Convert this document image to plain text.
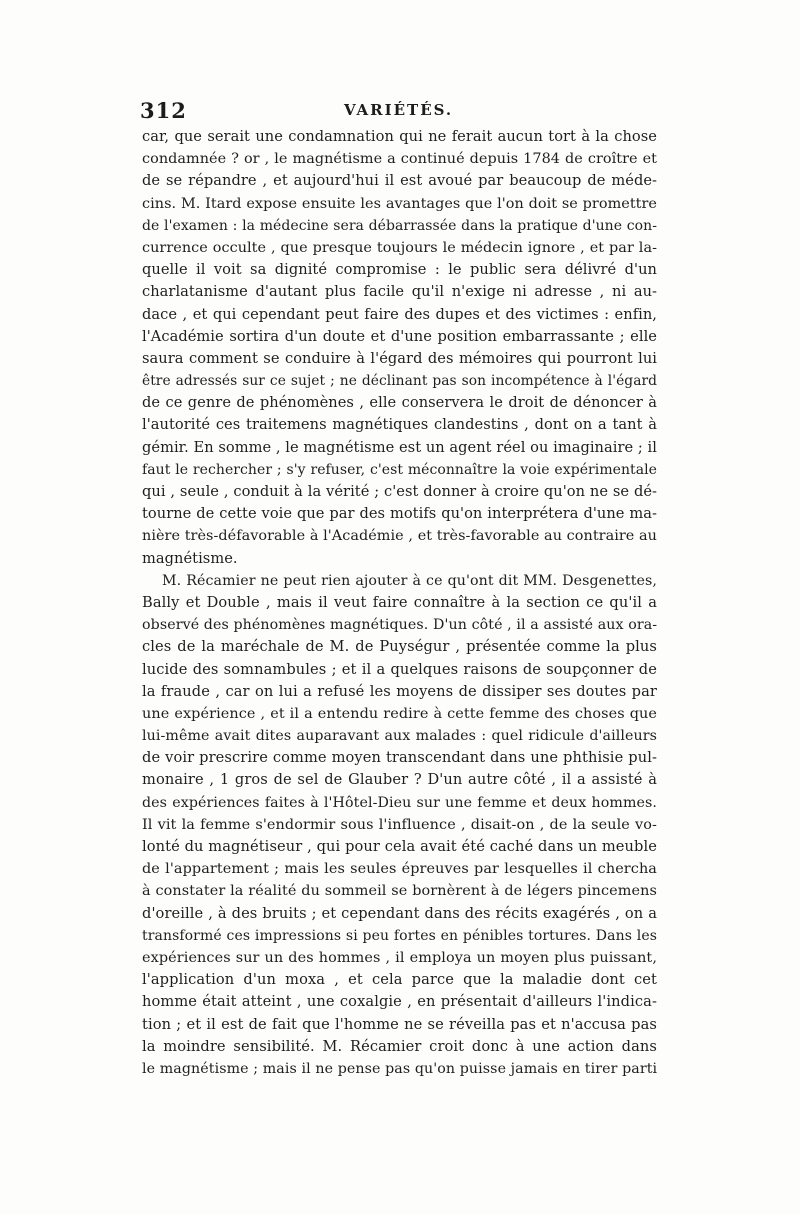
312	VARIÉTÉS.
car, que serait une condamnation qui ne ferait aucun tort à la chose
condamnée ? or , le magnétisme a continué depuis 1784 de croître et
de se répandre , et aujourd'hui il est avoué par beaucoup de méde-
cins. M. Itard expose ensuite les avantages que l'on doit se promettre
de l'examen : la médecine sera débarrassée dans la pratique d'une con-
currence occulte , que presque toujours le médecin ignore , et par la-
quelle il voit sa dignité compromise : le public sera délivré d'un
charlatanisme d'autant plus facile qu'il n'exige ni adresse , ni au-
dace , et qui cependant peut faire des dupes et des victimes : enfin,
l'Académie sortira d'un doute et d'une position embarrassante ; elle
saura comment se conduire à l'égard des mémoires qui pourront lui
être adressés sur ce sujet ; ne déclinant pas son incompétence à l'égard
de ce genre de phénomènes , elle conservera le droit de dénoncer à
l'autorité ces traitemens magnétiques clandestins , dont on a tant à
gémir. En somme , le magnétisme est un agent réel ou imaginaire ; il
faut le rechercher ; s'y refuser, c'est méconnaître la voie expérimentale
qui , seule , conduit à la vérité ; c'est donner à croire qu'on ne se dé-
tourne de cette voie que par des motifs qu'on interprétera d'une ma-
nière très-défavorable à l'Académie , et très-favorable au contraire au
magnétisme.
M. Récamier ne peut rien ajouter à ce qu'ont dit MM. Desgenettes,
Bally et Double , mais il veut faire connaître à la section ce qu'il a
observé des phénomènes magnétiques. D'un côté , il a assisté aux ora-
cles de la maréchale de M. de Puységur , présentée comme la plus
lucide des somnambules ; et il a quelques raisons de soupçonner de
la fraude , car on lui a refusé les moyens de dissiper ses doutes par
une expérience , et il a entendu redire à cette femme des choses que
lui-même avait dites auparavant aux malades : quel ridicule d'ailleurs
de voir prescrire comme moyen transcendant dans une phthisie pul-
monaire , 1 gros de sel de Glauber ? D'un autre côté , il a assisté à
des expériences faites à l'Hôtel-Dieu sur une femme et deux hommes.
Il vit la femme s'endormir sous l'influence , disait-on , de la seule vo-
lonté du magnétiseur , qui pour cela avait été caché dans un meuble
de l'appartement ; mais les seules épreuves par lesquelles il chercha
à constater la réalité du sommeil se bornèrent à de légers pincemens
d'oreille , à des bruits ; et cependant dans des récits exagérés , on a
transformé ces impressions si peu fortes en pénibles tortures. Dans les
expériences sur un des hommes , il employa un moyen plus puissant,
l'application d'un moxa , et cela parce que la maladie dont cet
homme était atteint , une coxalgie , en présentait d'ailleurs l'indica-
tion ; et il est de fait que l'homme ne se réveilla pas et n'accusa pas
la moindre sensibilité. M. Récamier croit donc à une action dans
le magnétisme ; mais il ne pense pas qu'on puisse jamais en tirer parti
